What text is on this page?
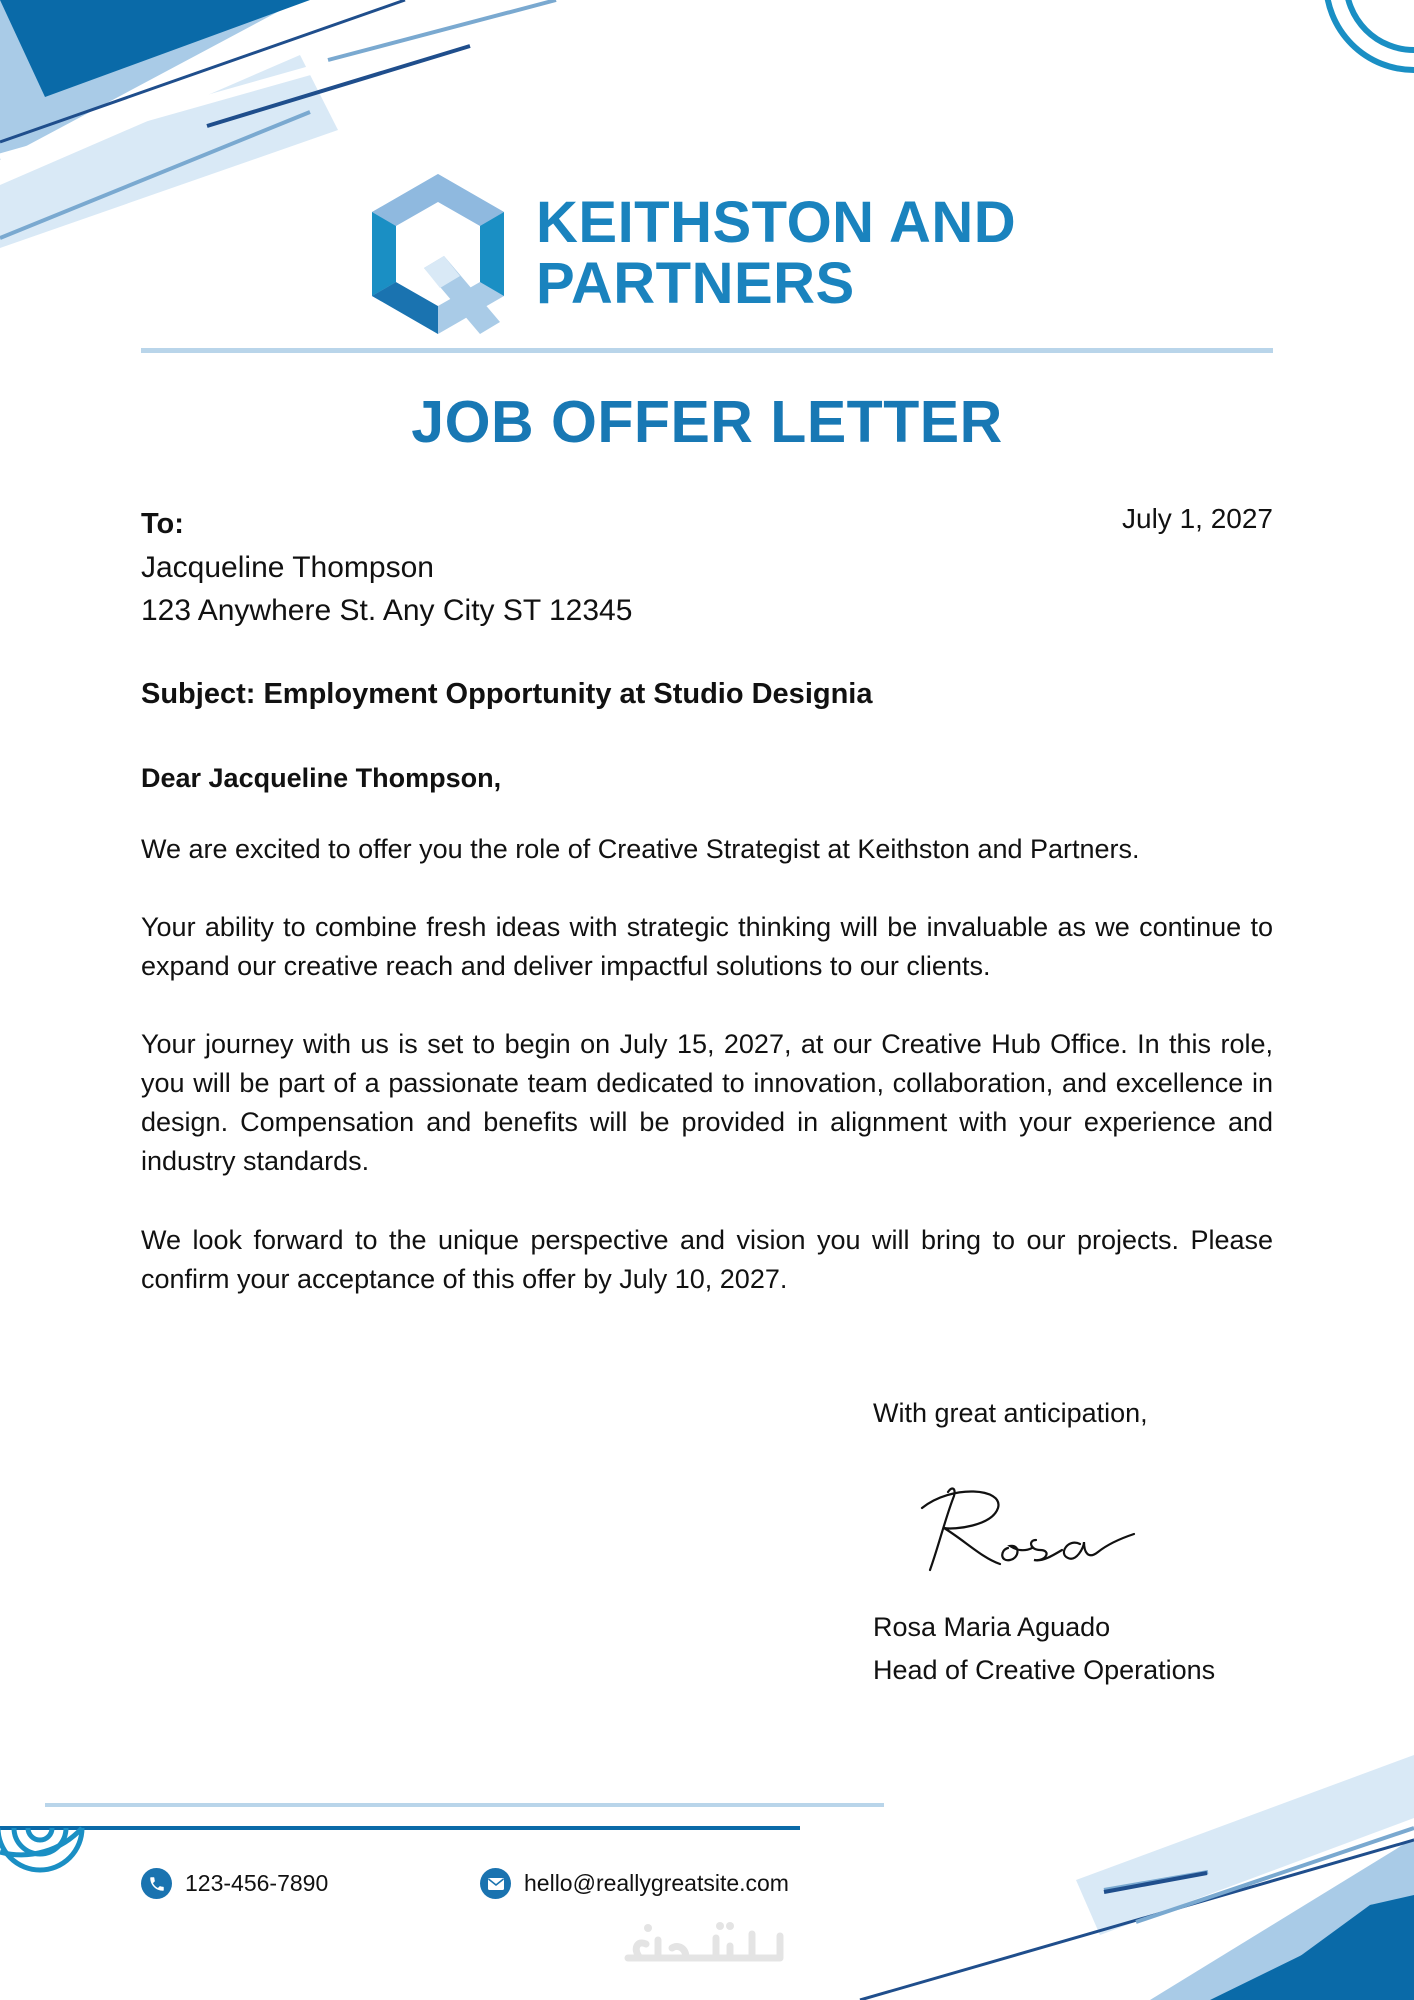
KEITHSTON AND
PARTNERS
JOB OFFER LETTER
To:	July 1, 2027
Jacqueline Thompson
123 Anywhere St. Any City ST 12345
Subject: Employment Opportunity at Studio Designia
Dear Jacqueline Thompson,
We are excited to offer you the role of Creative Strategist at Keithston and Partners.
Your ability to combine fresh ideas with strategic thinking will be invaluable as we continue to expand our creative reach and deliver impactful solutions to our clients.
Your journey with us is set to begin on July 15, 2027, at our Creative Hub Office. In this role, you will be part of a passionate team dedicated to innovation, collaboration, and excellence in design. Compensation and benefits will be provided in alignment with your experience and industry standards.
We look forward to the unique perspective and vision you will bring to our projects. Please confirm your acceptance of this offer by July 10, 2027.
With great anticipation,
Rosa Maria Aguado
Head of Creative Operations
123-456-7890	hello@reallygreatsite.com
